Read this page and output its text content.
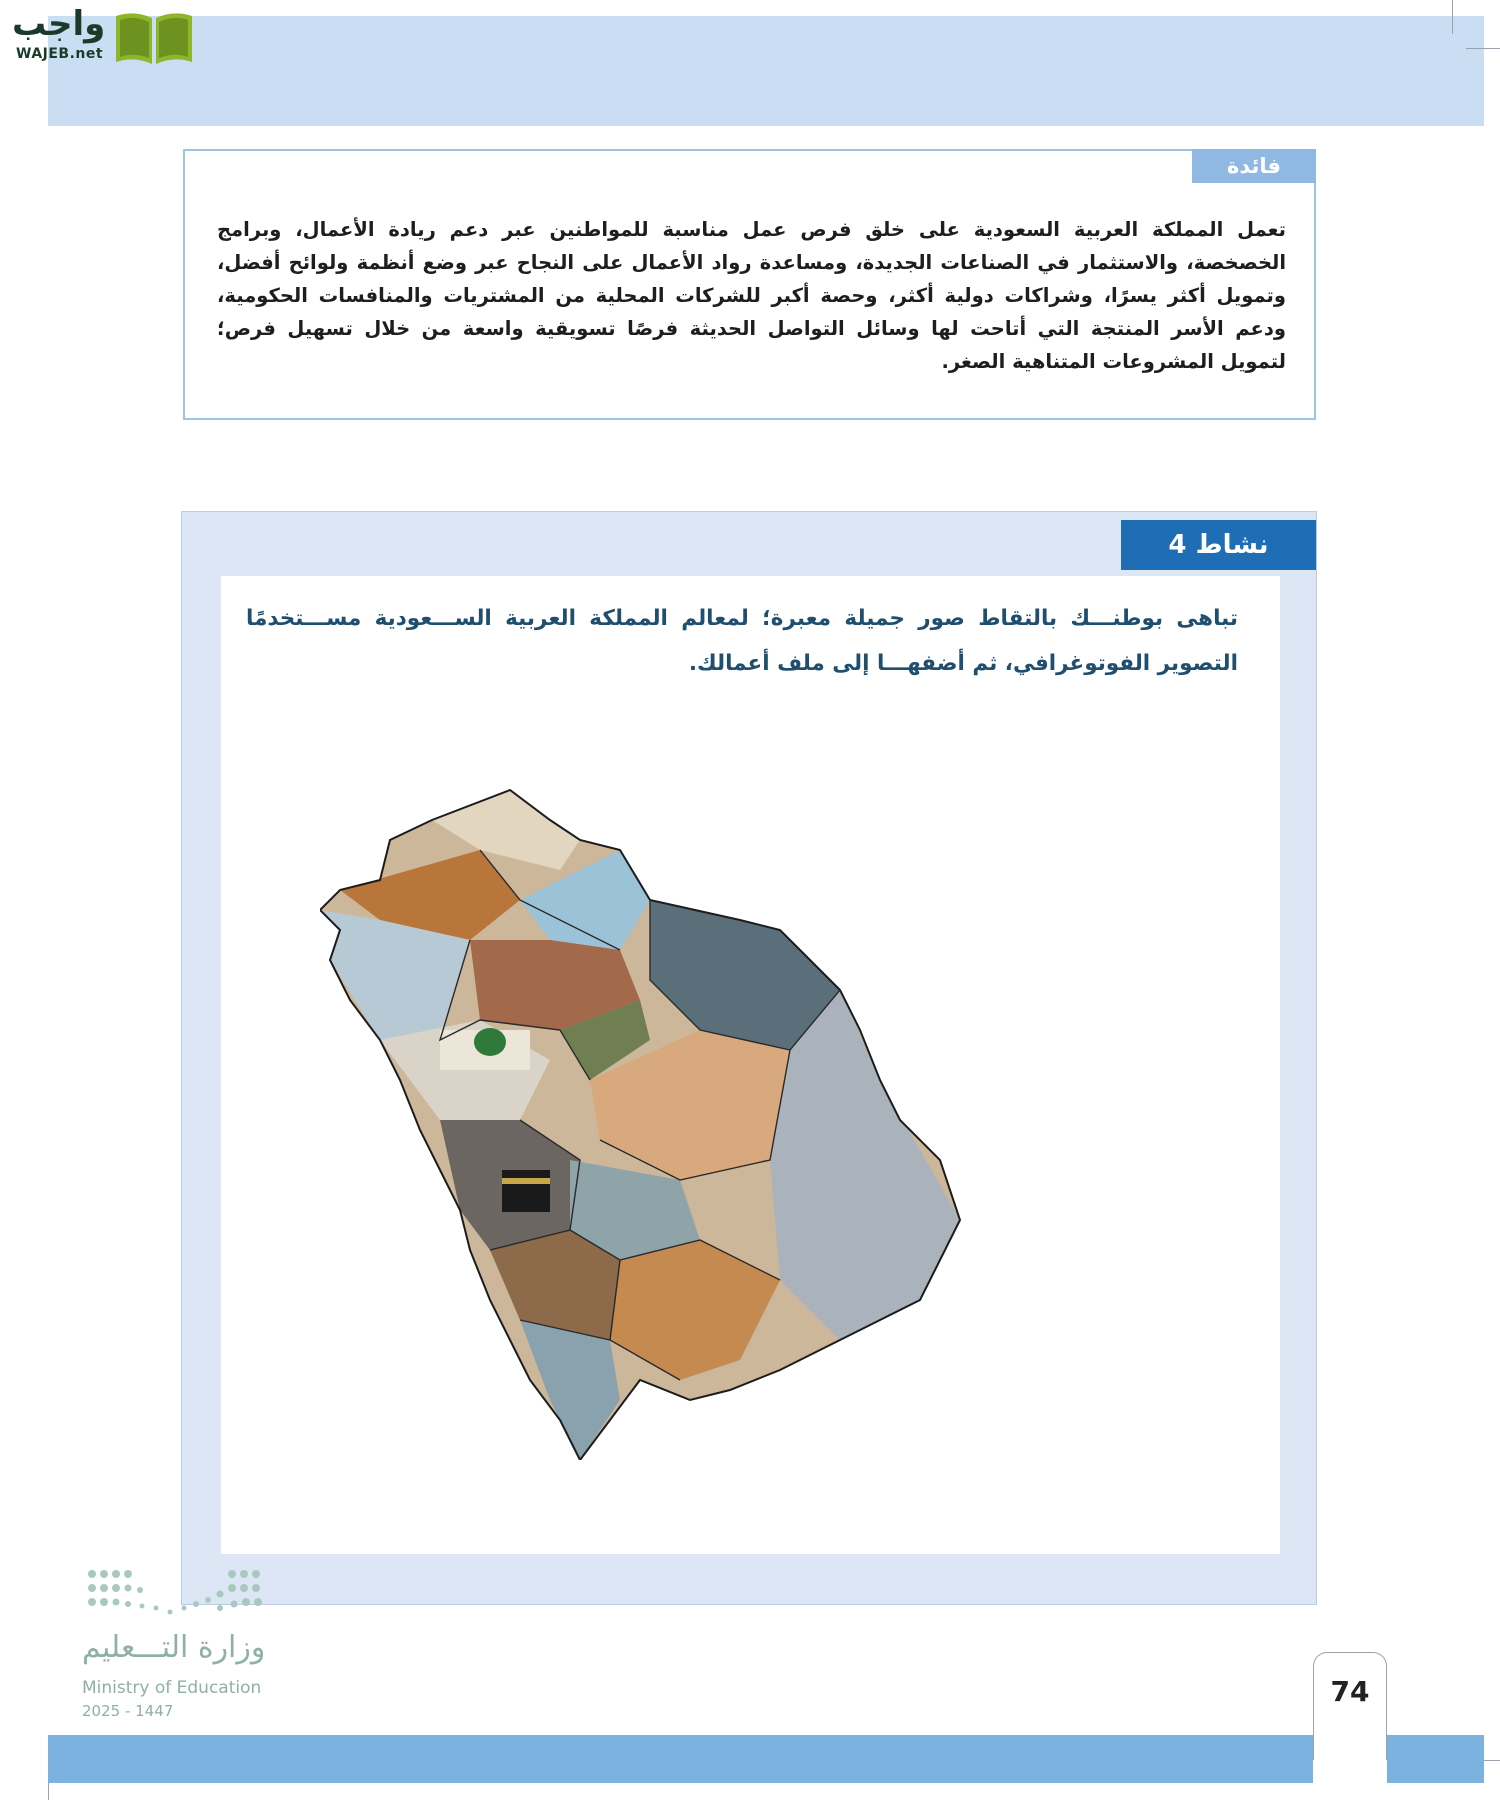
واجب
WAJEB.net
فائدة
تعمل المملكة العربية السعودية على خلق فرص عمل مناسبة للمواطنين عبر دعم ريادة الأعمال، وبرامج الخصخصة، والاستثمار في الصناعات الجديدة، ومساعدة رواد الأعمال على النجاح عبر وضع أنظمة ولوائح أفضل، وتمويل أكثر يسرًا، وشراكات دولية أكثر، وحصة أكبر للشركات المحلية من المشتريات والمنافسات الحكومية، ودعم الأسر المنتجة التي أتاحت لها وسائل التواصل الحديثة فرصًا تسويقية واسعة من خلال تسهيل فرص؛ لتمويل المشروعات المتناهية الصغر.
نشاط 4
تباهى بوطنـــك بالتقاط صور جميلة معبرة؛ لمعالم المملكة العربية الســـعودية مســـتخدمًا التصوير الفوتوغرافي، ثم أضفهـــا إلى ملف أعمالك.
وزارة التـــعليم
Ministry of Education
2025 - 1447
74
